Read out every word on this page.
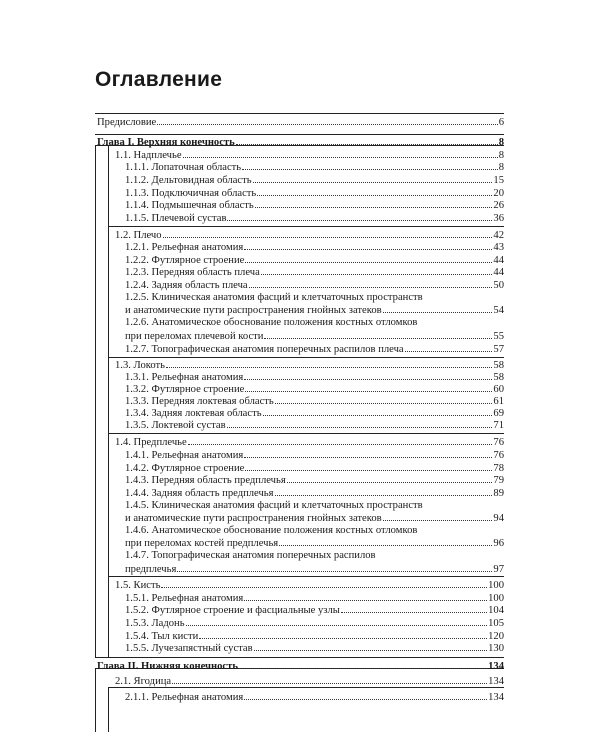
Оглавление
Предисловие	6
Глава I. Верхняя конечность	8
1.1. Надплечье	8
1.1.1. Лопаточная область	8
1.1.2. Дельтовидная область	15
1.1.3. Подключичная область	20
1.1.4. Подмышечная область	26
1.1.5. Плечевой сустав	36
1.2. Плечо	42
1.2.1. Рельефная анатомия	43
1.2.2. Футлярное строение	44
1.2.3. Передняя область плеча	44
1.2.4. Задняя область плеча	50
1.2.5. Клиническая анатомия фасций и клетчаточных пространств
и анатомические пути распространения гнойных затеков	54
1.2.6. Анатомическое обоснование положения костных отломков
при переломах плечевой кости	55
1.2.7. Топографическая анатомия поперечных распилов плеча	57
1.3. Локоть	58
1.3.1. Рельефная анатомия	58
1.3.2. Футлярное строение	60
1.3.3. Передняя локтевая область	61
1.3.4. Задняя локтевая область	69
1.3.5. Локтевой сустав	71
1.4. Предплечье	76
1.4.1. Рельефная анатомия	76
1.4.2. Футлярное строение	78
1.4.3. Передняя область предплечья	79
1.4.4. Задняя область предплечья	89
1.4.5. Клиническая анатомия фасций и клетчаточных пространств
и анатомические пути распространения гнойных затеков	94
1.4.6. Анатомическое обоснование положения костных отломков
при переломах костей предплечья	96
1.4.7. Топографическая анатомия поперечных распилов
предплечья	97
1.5. Кисть	100
1.5.1. Рельефная анатомия	100
1.5.2. Футлярное строение и фасциальные узлы	104
1.5.3. Ладонь	105
1.5.4. Тыл кисти	120
1.5.5. Лучезапястный сустав	130
Глава II. Нижняя конечность	134
2.1. Ягодица	134
2.1.1. Рельефная анатомия	134
